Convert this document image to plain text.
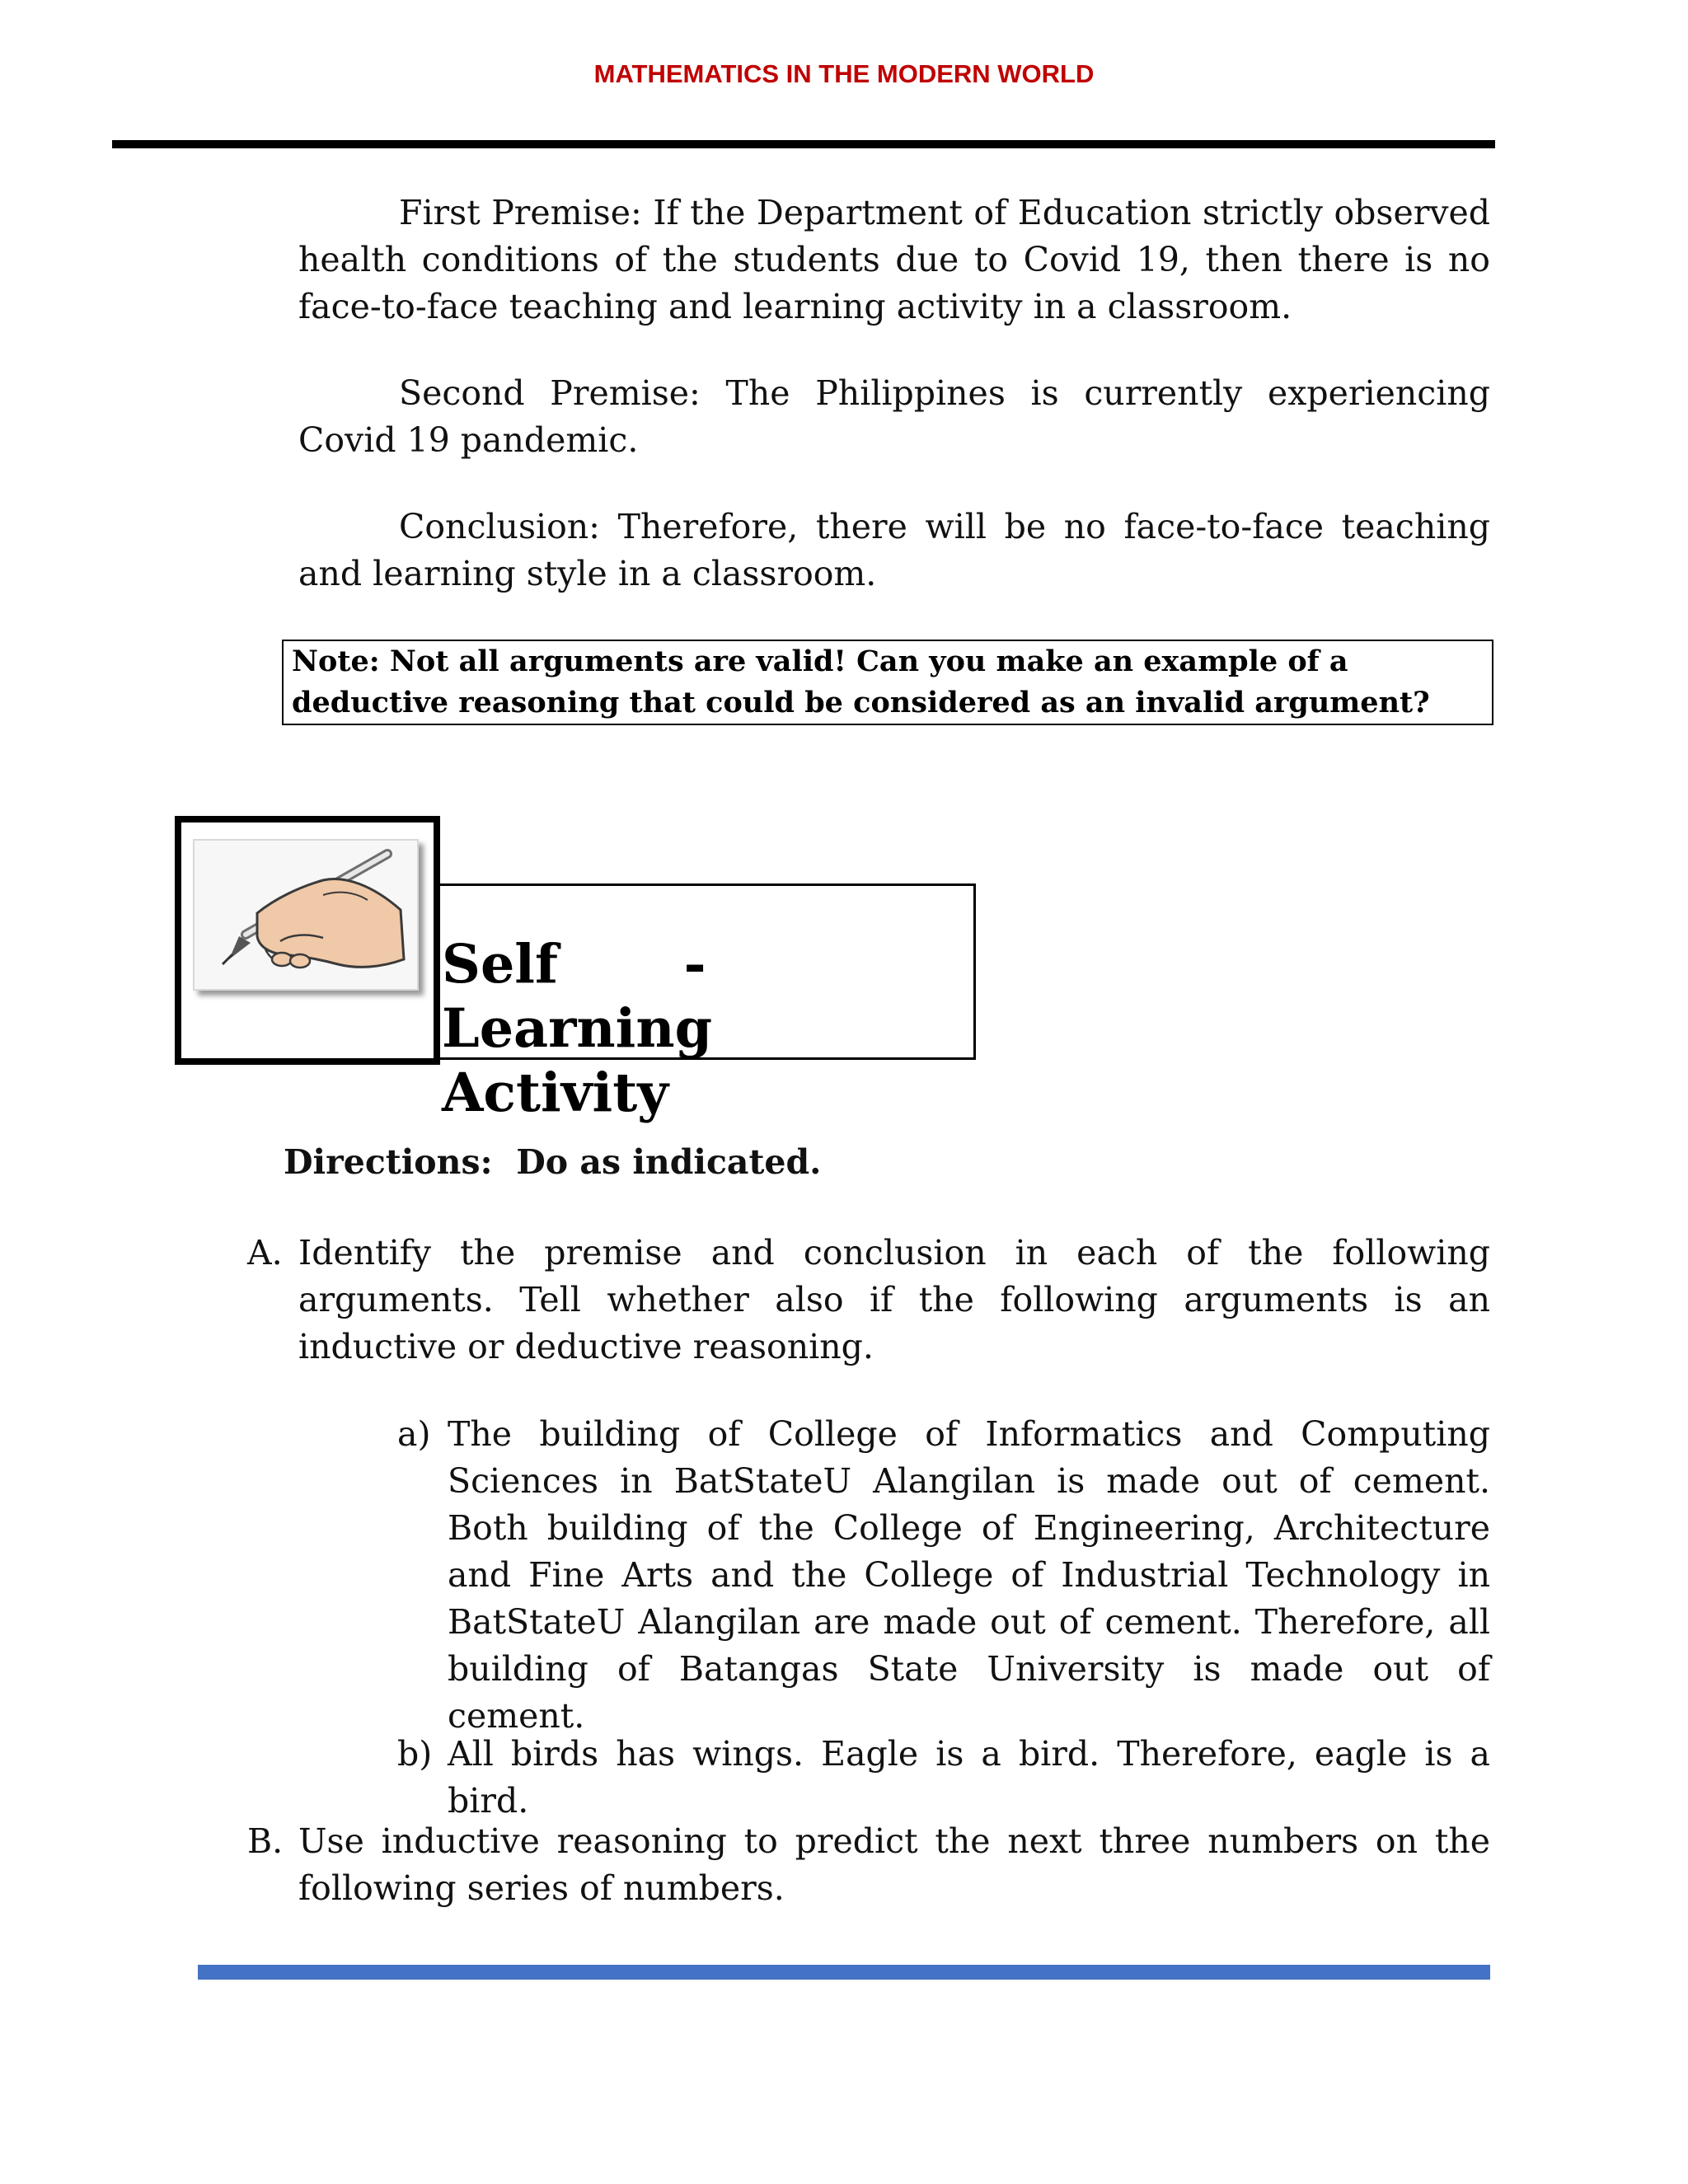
MATHEMATICS IN THE MODERN WORLD

First Premise: If the Department of Education strictly observed health conditions of the students due to Covid 19, then there is no face-to-face teaching and learning activity in a classroom.

Second Premise: The Philippines is currently experiencing Covid 19 pandemic.

Conclusion: Therefore, there will be no face-to-face teaching and learning style in a classroom.

Note: Not all arguments are valid! Can you make an example of a deductive reasoning that could be considered as an invalid argument?

Self -Learning Activity

Directions:  Do as indicated.

A. Identify the premise and conclusion in each of the following arguments. Tell whether also if the following arguments is an inductive or deductive reasoning.

a) The building of College of Informatics and Computing Sciences in BatStateU Alangilan is made out of cement. Both building of the College of Engineering, Architecture and Fine Arts and the College of Industrial Technology in BatStateU Alangilan are made out of cement. Therefore, all building of Batangas State University is made out of cement.

b) All birds has wings. Eagle is a bird. Therefore, eagle is a bird.

B. Use inductive reasoning to predict the next three numbers on the following series of numbers.
